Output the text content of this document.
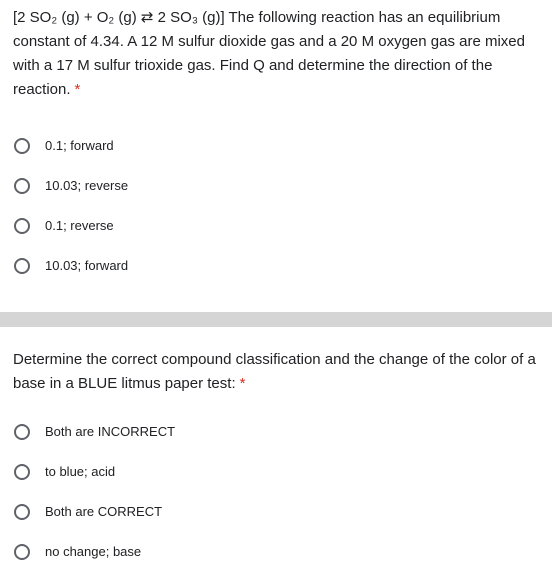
[2 SO₂ (g) + O₂ (g) ⇄ 2 SO₃ (g)] The following reaction has an equilibrium constant of 4.34. A 12 M sulfur dioxide gas and a 20 M oxygen gas are mixed with a 17 M sulfur trioxide gas. Find Q and determine the direction of the reaction. *

0.1; forward
10.03; reverse
0.1; reverse
10.03; forward

Determine the correct compound classification and the change of the color of a base in a BLUE litmus paper test: *

Both are INCORRECT
to blue; acid
Both are CORRECT
no change; base
